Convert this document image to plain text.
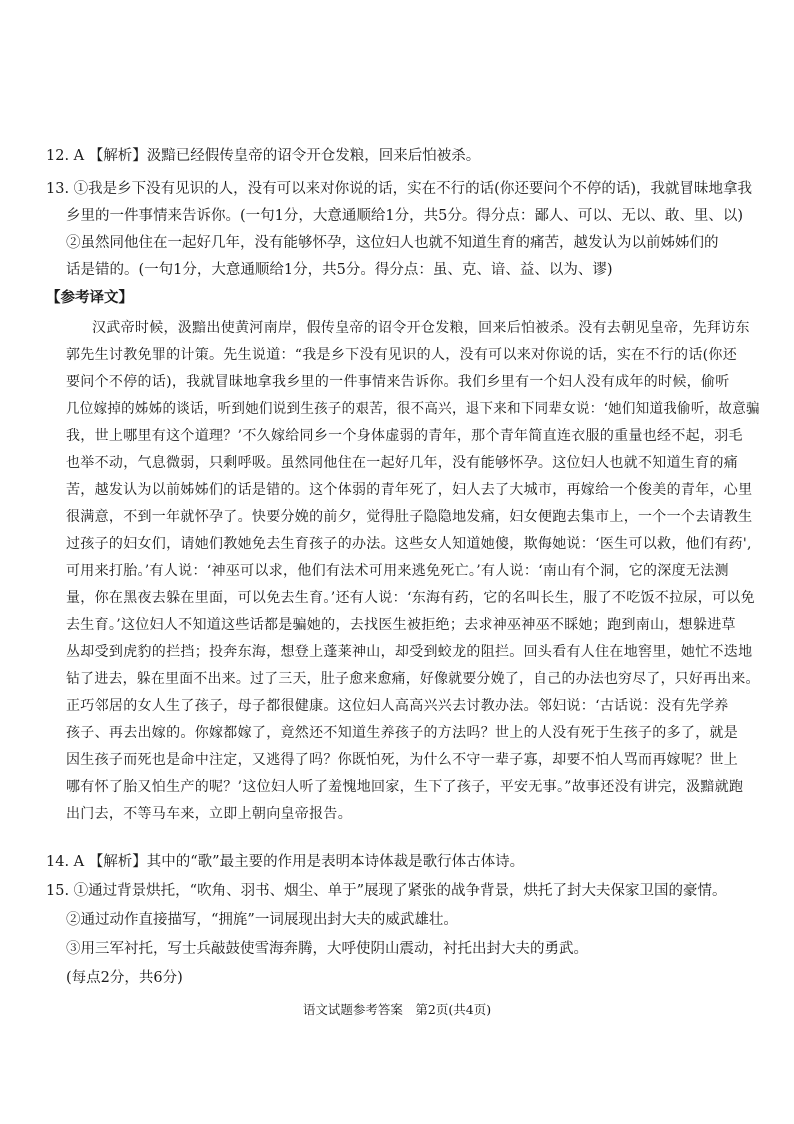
12. A 【解析】汲黯已经假传皇帝的诏令开仓发粮，回来后怕被杀。
13. ①我是乡下没有见识的人，没有可以来对你说的话，实在不行的话(你还要问个不停的话)，我就冒昧地拿我
乡里的一件事情来告诉你。(一句1分，大意通顺给1分，共5分。得分点：鄙人、可以、无以、敢、里、以)
②虽然同他住在一起好几年，没有能够怀孕，这位妇人也就不知道生育的痛苦，越发认为以前姊姊们的
话是错的。(一句1分，大意通顺给1分，共5分。得分点：虽、克、谙、益、以为、谬)
【参考译文】
汉武帝时候，汲黯出使黄河南岸，假传皇帝的诏令开仓发粮，回来后怕被杀。没有去朝见皇帝，先拜访东
郭先生讨教免罪的计策。先生说道：“我是乡下没有见识的人，没有可以来对你说的话，实在不行的话(你还
要问个不停的话)，我就冒昧地拿我乡里的一件事情来告诉你。我们乡里有一个妇人没有成年的时候，偷听
几位嫁掉的姊姊的谈话，听到她们说到生孩子的艰苦，很不高兴，退下来和下同辈女说：‘她们知道我偷听，故意骗
我，世上哪里有这个道理？’不久嫁给同乡一个身体虚弱的青年，那个青年简直连衣服的重量也经不起，羽毛
也举不动，气息微弱，只剩呼吸。虽然同他住在一起好几年，没有能够怀孕。这位妇人也就不知道生育的痛
苦，越发认为以前姊姊们的话是错的。这个体弱的青年死了，妇人去了大城市，再嫁给一个俊美的青年，心里
很满意，不到一年就怀孕了。快要分娩的前夕，觉得肚子隐隐地发痛，妇女便跑去集市上，一个一个去请教生
过孩子的妇女们，请她们教她免去生育孩子的办法。这些女人知道她傻，欺侮她说：‘医生可以救，他们有药',
可用来打胎。’有人说：‘神巫可以求，他们有法术可用来逃免死亡。’有人说：‘南山有个洞，它的深度无法测
量，你在黑夜去躲在里面，可以免去生育。’还有人说：‘东海有药，它的名叫长生，服了不吃饭不拉尿，可以免
去生育。’这位妇人不知道这些话都是骗她的，去找医生被拒绝；去求神巫神巫不睬她；跑到南山，想躲进草
丛却受到虎豹的拦挡；投奔东海，想登上蓬莱神山，却受到蛟龙的阻拦。回头看有人住在地窖里，她忙不迭地
钻了进去，躲在里面不出来。过了三天，肚子愈来愈痛，好像就要分娩了，自己的办法也穷尽了，只好再出来。
正巧邻居的女人生了孩子，母子都很健康。这位妇人高高兴兴去讨教办法。邻妇说：‘古话说：没有先学养
孩子、再去出嫁的。你嫁都嫁了，竟然还不知道生养孩子的方法吗？世上的人没有死于生孩子的多了，就是
因生孩子而死也是命中注定，又逃得了吗？你既怕死，为什么不守一辈子寡，却要不怕人骂而再嫁呢？世上
哪有怀了胎又怕生产的呢？’这位妇人听了羞愧地回家，生下了孩子，平安无事。”故事还没有讲完，汲黯就跑
出门去，不等马车来，立即上朝向皇帝报告。
14. A 【解析】其中的“歌”最主要的作用是表明本诗体裁是歌行体古体诗。
15. ①通过背景烘托，“吹角、羽书、烟尘、单于”展现了紧张的战争背景，烘托了封大夫保家卫国的豪情。
②通过动作直接描写，“拥旄”一词展现出封大夫的威武雄壮。
③用三军衬托，写士兵敲鼓使雪海奔腾，大呼使阴山震动，衬托出封大夫的勇武。
(每点2分，共6分)
语文试题参考答案　第2页(共4页)
